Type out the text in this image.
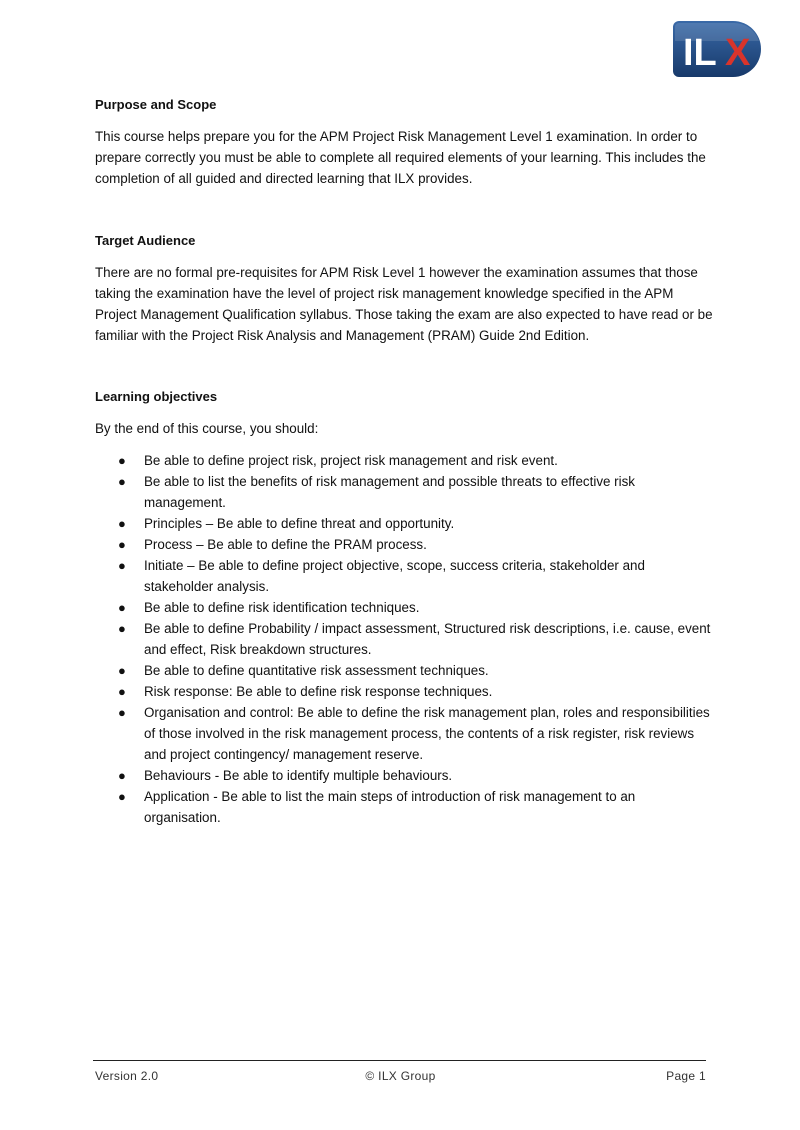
IL X
Purpose and Scope

This course helps prepare you for the APM Project Risk Management Level 1 examination. In order to prepare correctly you must be able to complete all required elements of your learning. This includes the completion of all guided and directed learning that ILX provides.

Target Audience

There are no formal pre-requisites for APM Risk Level 1 however the examination assumes that those taking the examination have the level of project risk management knowledge specified in the APM Project Management Qualification syllabus. Those taking the exam are also expected to have read or be familiar with the Project Risk Analysis and Management (PRAM) Guide 2nd Edition.

Learning objectives

By the end of this course, you should:

● Be able to define project risk, project risk management and risk event.
● Be able to list the benefits of risk management and possible threats to effective risk management.
● Principles – Be able to define threat and opportunity.
● Process – Be able to define the PRAM process.
● Initiate – Be able to define project objective, scope, success criteria, stakeholder and stakeholder analysis.
● Be able to define risk identification techniques.
● Be able to define Probability / impact assessment, Structured risk descriptions, i.e. cause, event and effect, Risk breakdown structures.
● Be able to define quantitative risk assessment techniques.
● Risk response: Be able to define risk response techniques.
● Organisation and control: Be able to define the risk management plan, roles and responsibilities of those involved in the risk management process, the contents of a risk register, risk reviews and project contingency/ management reserve.
● Behaviours - Be able to identify multiple behaviours.
● Application - Be able to list the main steps of introduction of risk management to an organisation.
Version 2.0	© ILX Group	Page 1
